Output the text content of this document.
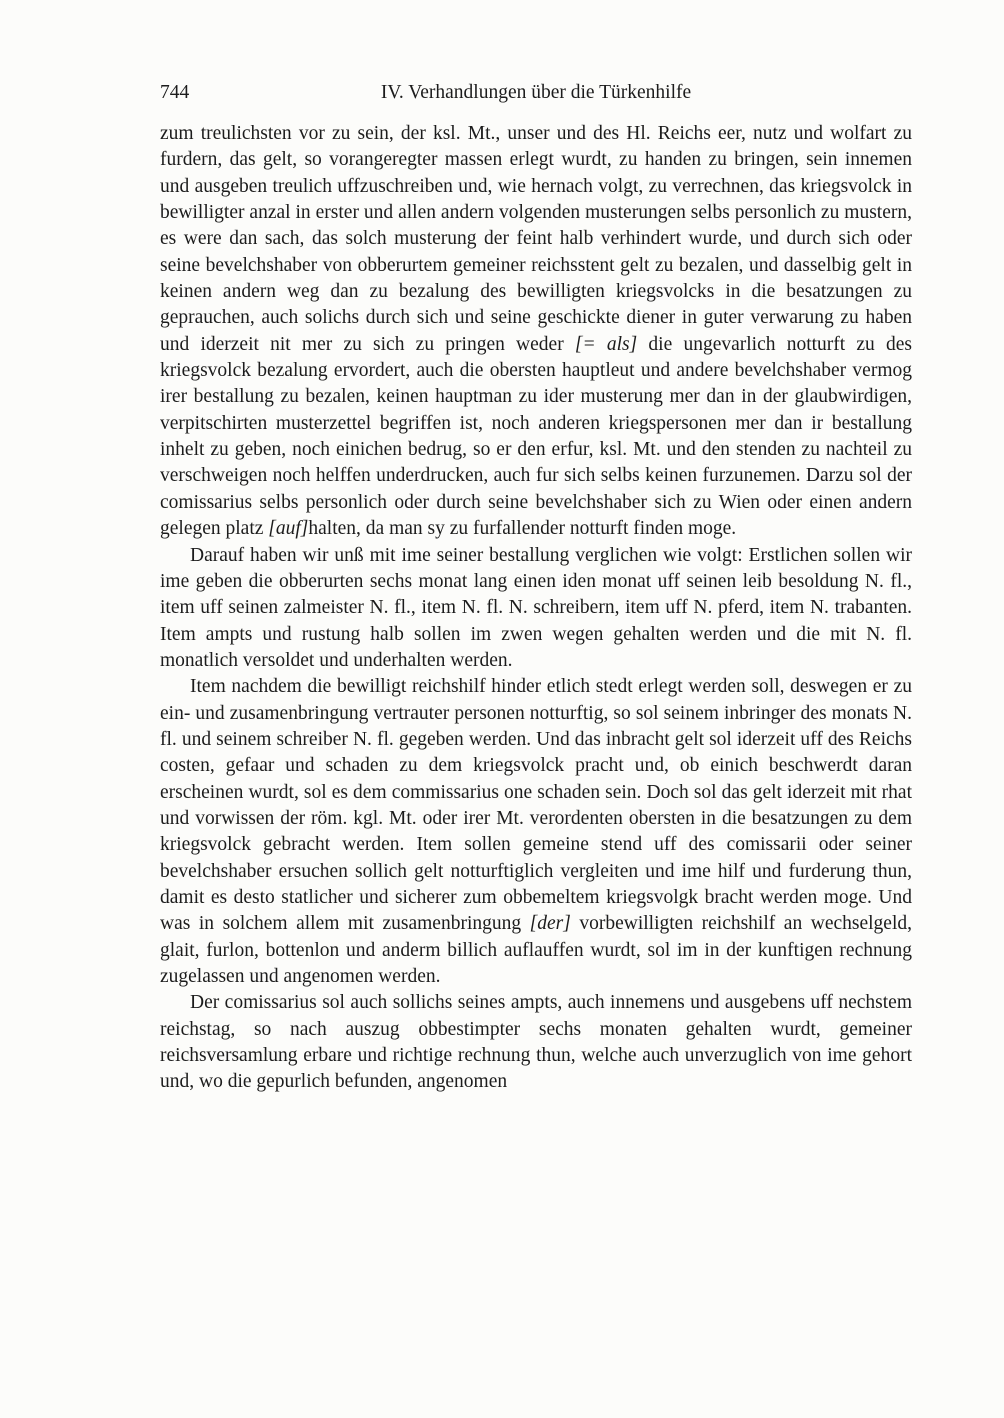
744	IV. Verhandlungen über die Türkenhilfe

zum treulichsten vor zu sein, der ksl. Mt., unser und des Hl. Reichs eer, nutz und wolfart zu furdern, das gelt, so vorangeregter massen erlegt wurdt, zu handen zu bringen, sein innemen und ausgeben treulich uffzuschreiben und, wie hernach volgt, zu verrechnen, das kriegsvolck in bewilligter anzal in erster und allen andern volgenden musterungen selbs personlich zu mustern, es were dan sach, das solch musterung der feint halb verhindert wurde, und durch sich oder seine bevelchshaber von obberurtem gemeiner reichsstent gelt zu bezalen, und dasselbig gelt in keinen andern weg dan zu bezalung des bewilligten kriegsvolcks in die besatzungen zu geprauchen, auch solichs durch sich und seine geschickte diener in guter verwarung zu haben und iderzeit nit mer zu sich zu pringen weder [= als] die ungevarlich notturft zu des kriegsvolck bezalung ervordert, auch die obersten hauptleut und andere bevelchshaber vermog irer bestallung zu bezalen, keinen hauptman zu ider musterung mer dan in der glaubwirdigen, verpitschirten musterzettel begriffen ist, noch anderen kriegspersonen mer dan ir bestallung inhelt zu geben, noch einichen bedrug, so er den erfur, ksl. Mt. und den stenden zu nachteil zu verschweigen noch helffen underdrucken, auch fur sich selbs keinen furzunemen. Darzu sol der comissarius selbs personlich oder durch seine bevelchshaber sich zu Wien oder einen andern gelegen platz [auf]halten, da man sy zu furfallender notturft finden moge.

Darauf haben wir unß mit ime seiner bestallung verglichen wie volgt: Erstlichen sollen wir ime geben die obberurten sechs monat lang einen iden monat uff seinen leib besoldung N. fl., item uff seinen zalmeister N. fl., item N. fl. N. schreibern, item uff N. pferd, item N. trabanten. Item ampts und rustung halb sollen im zwen wegen gehalten werden und die mit N. fl. monatlich versoldet und underhalten werden.

Item nachdem die bewilligt reichshilf hinder etlich stedt erlegt werden soll, deswegen er zu ein- und zusamenbringung vertrauter personen notturftig, so sol seinem inbringer des monats N. fl. und seinem schreiber N. fl. gegeben werden. Und das inbracht gelt sol iderzeit uff des Reichs costen, gefaar und schaden zu dem kriegsvolck pracht und, ob einich beschwerdt daran erscheinen wurdt, sol es dem commissarius one schaden sein. Doch sol das gelt iderzeit mit rhat und vorwissen der röm. kgl. Mt. oder irer Mt. verordenten obersten in die besatzungen zu dem kriegsvolck gebracht werden. Item sollen gemeine stend uff des comissarii oder seiner bevelchshaber ersuchen sollich gelt notturftiglich vergleiten und ime hilf und furderung thun, damit es desto statlicher und sicherer zum obbemeltem kriegsvolgk bracht werden moge. Und was in solchem allem mit zusamenbringung [der] vorbewilligten reichshilf an wechselgeld, glait, furlon, bottenlon und anderm billich auflauffen wurdt, sol im in der kunftigen rechnung zugelassen und angenomen werden.

Der comissarius sol auch sollichs seines ampts, auch innemens und ausgebens uff nechstem reichstag, so nach auszug obbestimpter sechs monaten gehalten wurdt, gemeiner reichsversamlung erbare und richtige rechnung thun, welche auch unverzuglich von ime gehort und, wo die gepurlich befunden, angenomen
